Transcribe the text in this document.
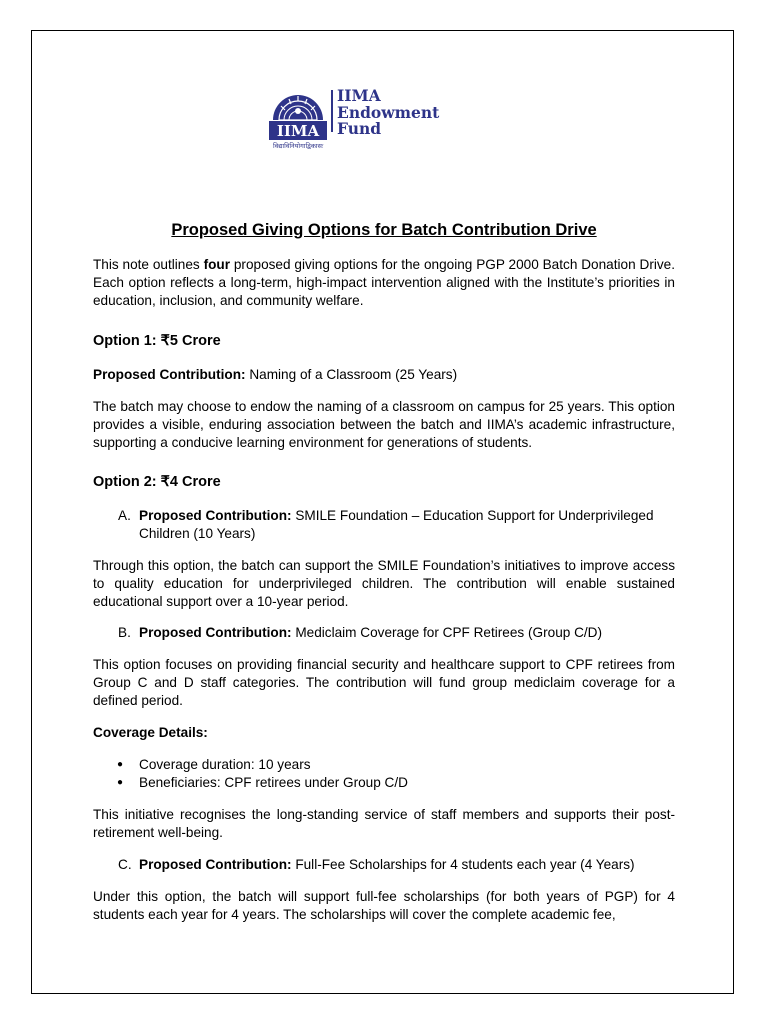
IIMA
IIMA
Endowment
Fund
विद्याविनियोगाद्विकासः
Proposed Giving Options for Batch Contribution Drive

This note outlines four proposed giving options for the ongoing PGP 2000 Batch Donation Drive. Each option reflects a long-term, high-impact intervention aligned with the Institute’s priorities in education, inclusion, and community welfare.

Option 1: ₹5 Crore

Proposed Contribution: Naming of a Classroom (25 Years)

The batch may choose to endow the naming of a classroom on campus for 25 years. This option provides a visible, enduring association between the batch and IIMA’s academic infrastructure, supporting a conducive learning environment for generations of students.

Option 2: ₹4 Crore

A. Proposed Contribution: SMILE Foundation – Education Support for Underprivileged Children (10 Years)

Through this option, the batch can support the SMILE Foundation’s initiatives to improve access to quality education for underprivileged children. The contribution will enable sustained educational support over a 10-year period.

B. Proposed Contribution: Mediclaim Coverage for CPF Retirees (Group C/D)

This option focuses on providing financial security and healthcare support to CPF retirees from Group C and D staff categories. The contribution will fund group mediclaim coverage for a defined period.

Coverage Details:

● Coverage duration: 10 years
● Beneficiaries: CPF retirees under Group C/D

This initiative recognises the long-standing service of staff members and supports their post-retirement well-being.

C. Proposed Contribution: Full-Fee Scholarships for 4 students each year (4 Years)

Under this option, the batch will support full-fee scholarships (for both years of PGP) for 4 students each year for 4 years. The scholarships will cover the complete academic fee,
